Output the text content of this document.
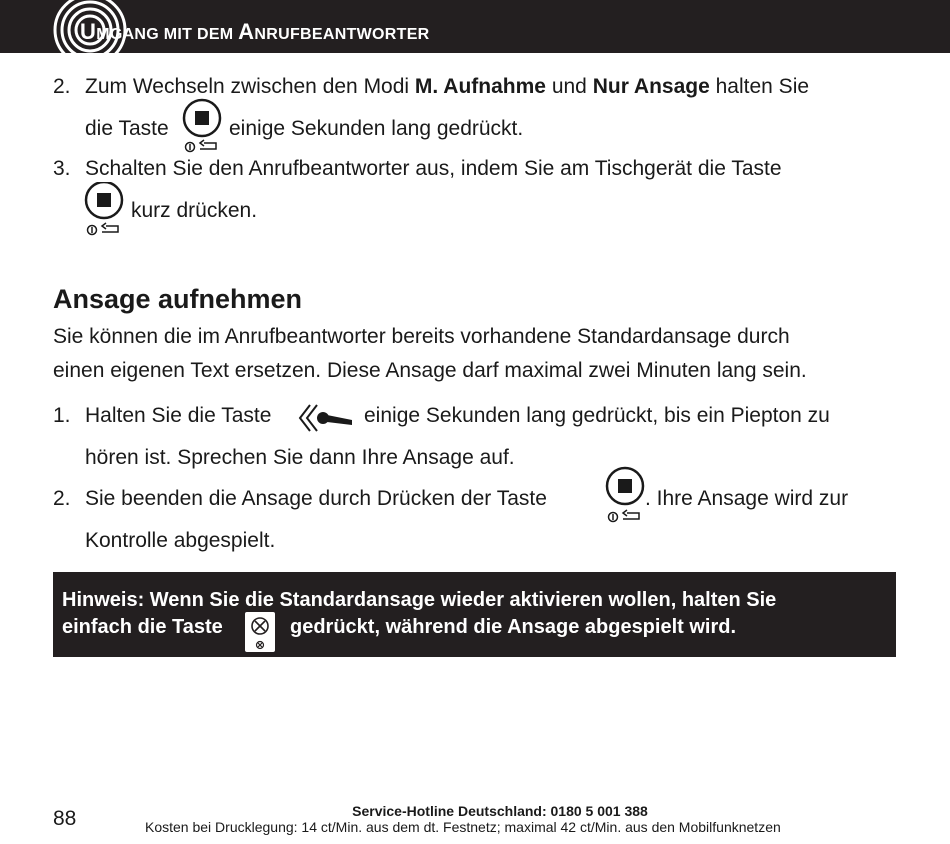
UMGANG MIT DEM ANRUFBEANTWORTER
2. Zum Wechseln zwischen den Modi M. Aufnahme und Nur Ansage halten Sie
die Taste	einige Sekunden lang gedrückt.
3. Schalten Sie den Anrufbeantworter aus, indem Sie am Tischgerät die Taste
kurz drücken.
Ansage aufnehmen
Sie können die im Anrufbeantworter bereits vorhandene Standardansage durch
einen eigenen Text ersetzen. Diese Ansage darf maximal zwei Minuten lang sein.
1. Halten Sie die Taste	einige Sekunden lang gedrückt, bis ein Piepton zu
hören ist. Sprechen Sie dann Ihre Ansage auf.
2. Sie beenden die Ansage durch Drücken der Taste	. Ihre Ansage wird zur
Kontrolle abgespielt.
Hinweis: Wenn Sie die Standardansage wieder aktivieren wollen, halten Sie
einfach die Taste	gedrückt, während die Ansage abgespielt wird.
88	Service-Hotline Deutschland: 0180 5 001 388
Kosten bei Drucklegung: 14 ct/Min. aus dem dt. Festnetz; maximal 42 ct/Min. aus den Mobilfunknetzen
